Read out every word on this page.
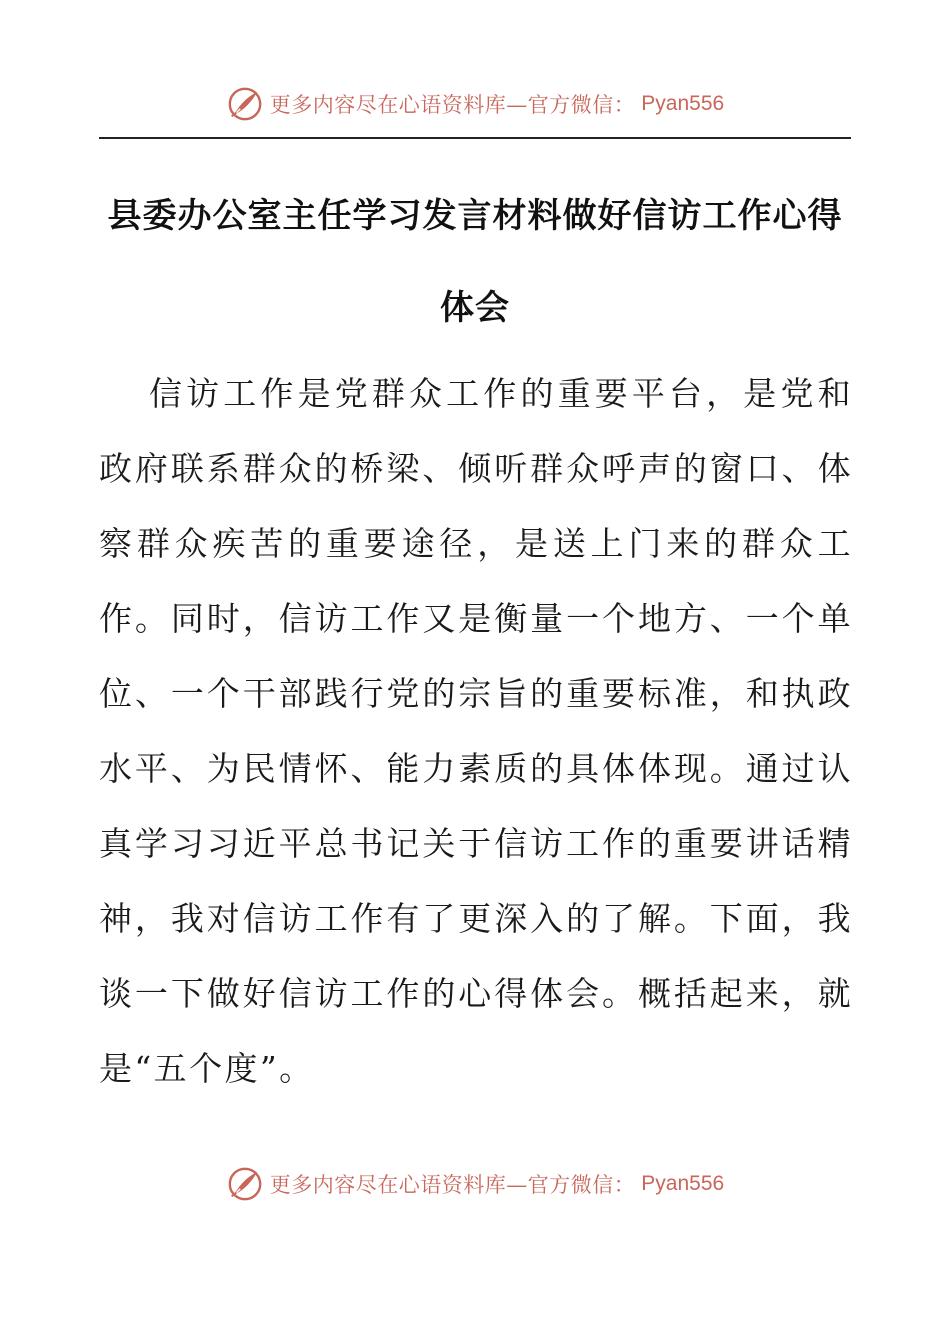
更多内容尽在心语资料库—官方微信： Pyan556
县委办公室主任学习发言材料做好信访工作心得体会

信访工作是党群众工作的重要平台，是党和政府联系群众的桥梁、倾听群众呼声的窗口、体察群众疾苦的重要途径，是送上门来的群众工作。同时，信访工作又是衡量一个地方、一个单位、一个干部践行党的宗旨的重要标准，和执政水平、为民情怀、能力素质的具体体现。通过认真学习习近平总书记关于信访工作的重要讲话精神，我对信访工作有了更深入的了解。下面，我谈一下做好信访工作的心得体会。概括起来，就是“五个度”。

更多内容尽在心语资料库—官方微信： Pyan556
